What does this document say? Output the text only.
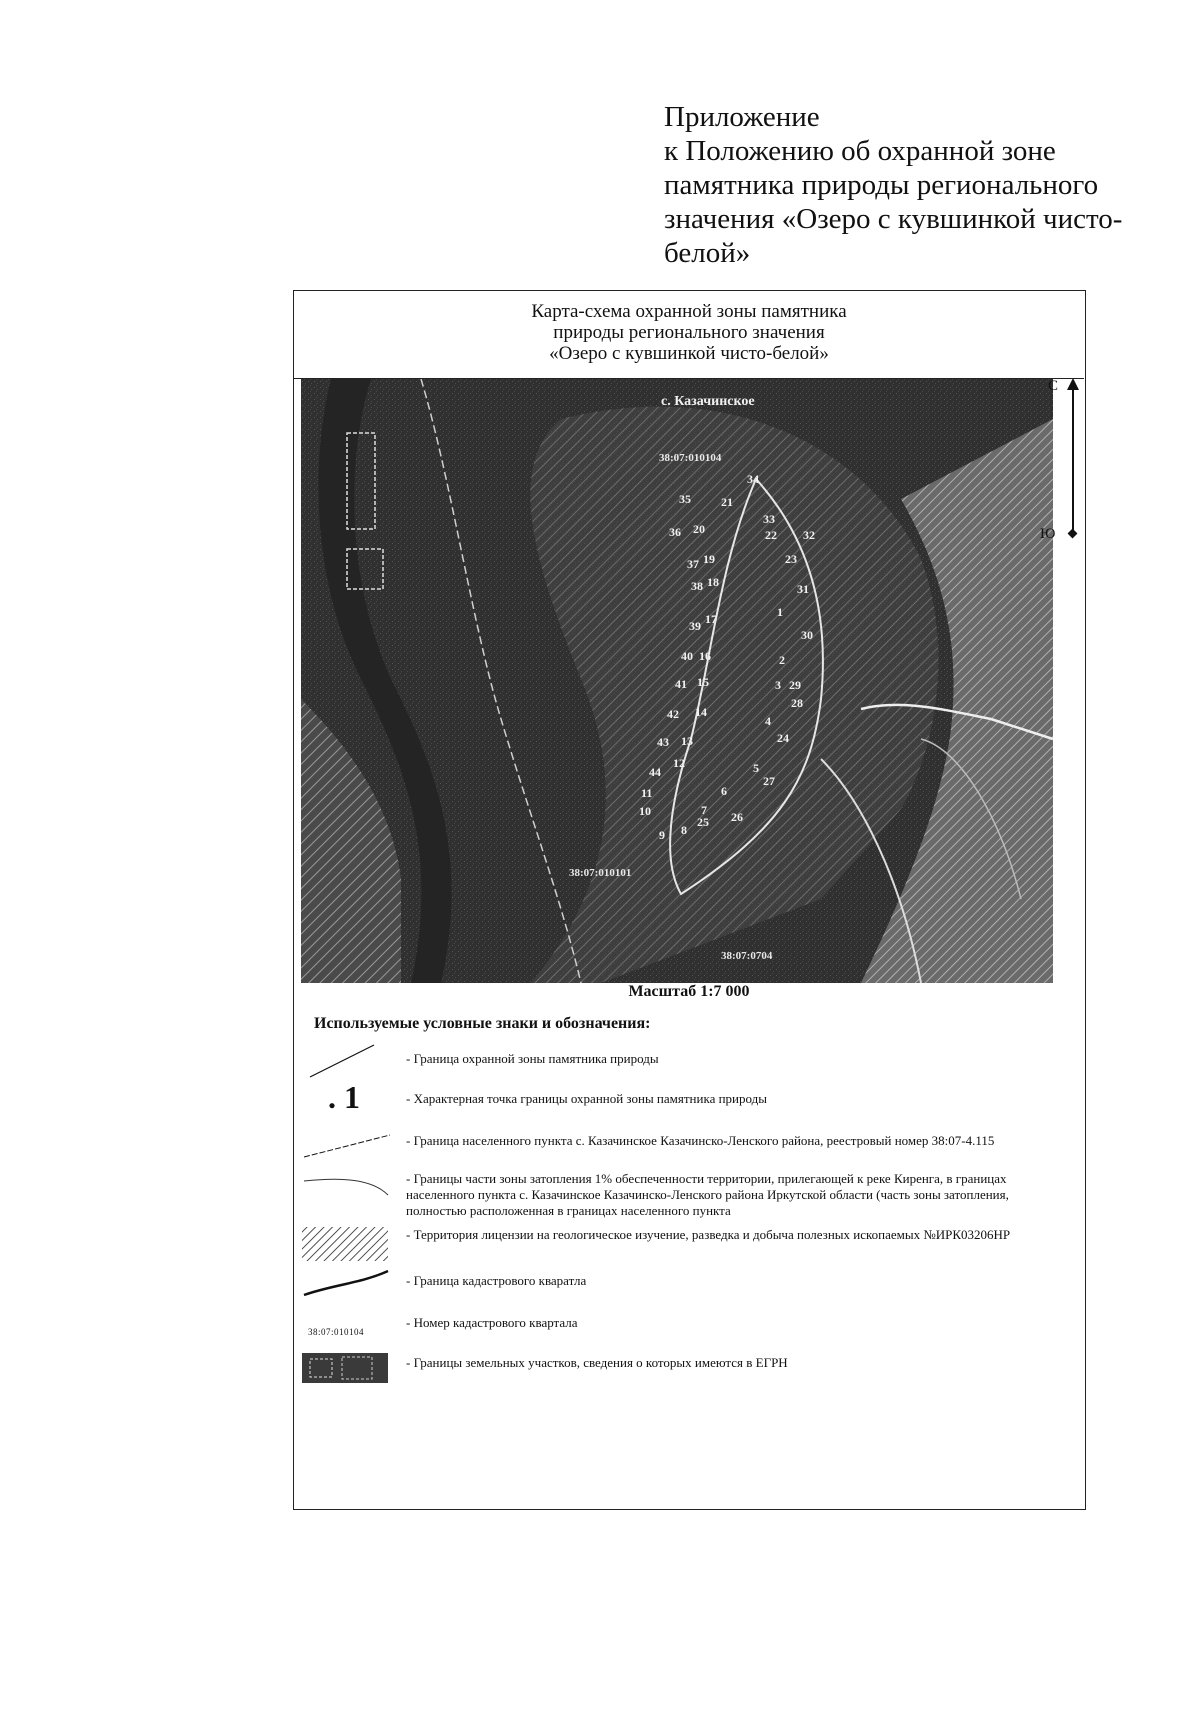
Приложение
к Положению об охранной зоне
памятника природы регионального
значения «Озеро с кувшинкой чисто-
белой»
Карта-схема охранной зоны памятника
природы регионального значения
«Озеро с кувшинкой чисто-белой»
с. Казачинское
38:07:010104
38:07:010101
38:07:0704
1
2
3
4
5
6
7
8
9
10
11
12
13
14
15
16
17
18
19
20
21
22
23
24
25 26
27
28
29
30
31
32
33
34
35
36
37
38
39
40
41
42
43
44
Масштаб 1:7 000
Используемые условные знаки и обозначения:
- Граница охранной зоны памятника природы
. 1	- Характерная точка границы охранной зоны памятника природы
- Граница населенного пункта с. Казачинское Казачинско-Ленского района, реестровый номер 38:07-4.115
- Границы части зоны затопления 1% обеспеченности территории, прилегающей к реке Киренга, в границах населенного пункта с. Казачинское Казачинско-Ленского района Иркутской области (часть зоны затопления, полностью расположенная в границах населенного пункта
- Территория лицензии на геологическое изучение, разведка и добыча полезных ископаемых №ИРК03206НР
- Граница кадастрового кваратла
38:07:010104
- Номер кадастрового квартала
- Границы земельных участков, сведения о которых имеются в ЕГРН
С
Ю
